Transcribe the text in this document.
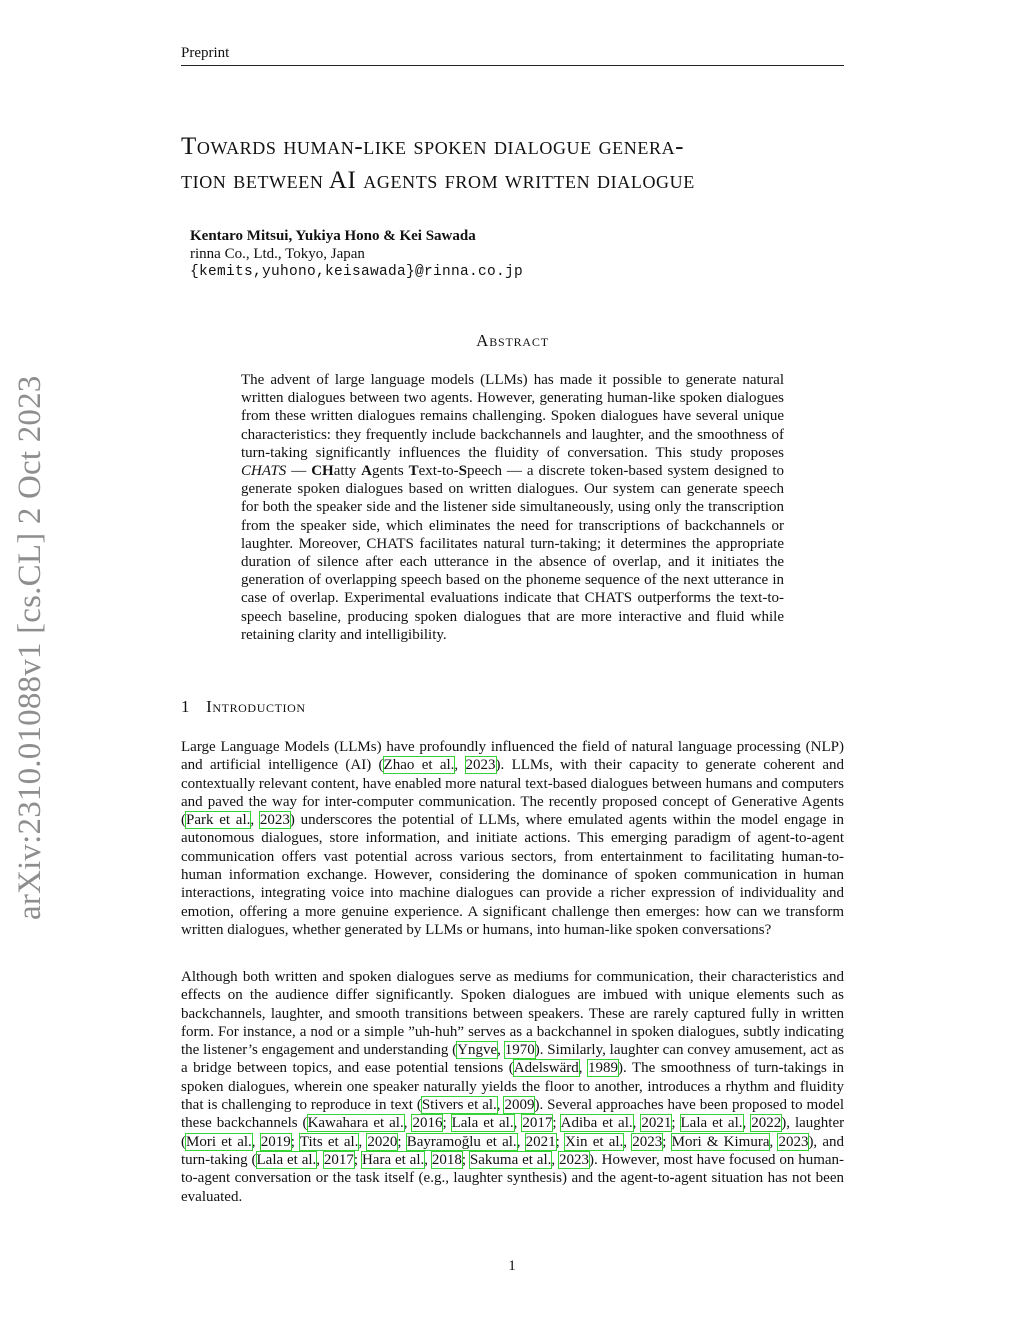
Preprint
arXiv:2310.01088v1 [cs.CL] 2 Oct 2023
Towards human-like spoken dialogue genera-
tion between AI agents from written dialogue
Kentaro Mitsui, Yukiya Hono & Kei Sawada
rinna Co., Ltd., Tokyo, Japan
{kemits,yuhono,keisawada}@rinna.co.jp
Abstract
The advent of large language models (LLMs) has made it possible to generate natural written dialogues between two agents. However, generating human-like spoken dialogues from these written dialogues remains challenging. Spoken dialogues have several unique characteristics: they frequently include backchannels and laughter, and the smoothness of turn-taking significantly influences the fluidity of conversation. This study proposes CHATS — CHatty Agents Text-to-Speech — a discrete token-based system designed to generate spoken dialogues based on written dialogues. Our system can generate speech for both the speaker side and the listener side simultaneously, using only the transcription from the speaker side, which eliminates the need for transcriptions of backchannels or laughter. Moreover, CHATS facilitates natural turn-taking; it determines the appropriate duration of silence after each utterance in the absence of overlap, and it initiates the generation of overlapping speech based on the phoneme sequence of the next utterance in case of overlap. Experimental evaluations indicate that CHATS outperforms the text-to-speech baseline, producing spoken dialogues that are more interactive and fluid while retaining clarity and intelligibility.
1 Introduction

Large Language Models (LLMs) have profoundly influenced the field of natural language processing (NLP) and artificial intelligence (AI) (Zhao et al., 2023). LLMs, with their capacity to generate coherent and contextually relevant content, have enabled more natural text-based dialogues between humans and computers and paved the way for inter-computer communication. The recently proposed concept of Generative Agents (Park et al., 2023) underscores the potential of LLMs, where emulated agents within the model engage in autonomous dialogues, store information, and initiate actions. This emerging paradigm of agent-to-agent communication offers vast potential across various sectors, from entertainment to facilitating human-to-human information exchange. However, considering the dominance of spoken communication in human interactions, integrating voice into machine dialogues can provide a richer expression of individuality and emotion, offering a more genuine experience. A significant challenge then emerges: how can we transform written dialogues, whether generated by LLMs or humans, into human-like spoken conversations?

Although both written and spoken dialogues serve as mediums for communication, their characteristics and effects on the audience differ significantly. Spoken dialogues are imbued with unique elements such as backchannels, laughter, and smooth transitions between speakers. These are rarely captured fully in written form. For instance, a nod or a simple ”uh-huh” serves as a backchannel in spoken dialogues, subtly indicating the listener’s engagement and understanding (Yngve, 1970). Similarly, laughter can convey amusement, act as a bridge between topics, and ease potential tensions (Adelswärd, 1989). The smoothness of turn-takings in spoken dialogues, wherein one speaker naturally yields the floor to another, introduces a rhythm and fluidity that is challenging to reproduce in text (Stivers et al., 2009). Several approaches have been proposed to model these backchannels (Kawahara et al., 2016; Lala et al., 2017; Adiba et al., 2021; Lala et al., 2022), laughter (Mori et al., 2019; Tits et al., 2020; Bayramoğlu et al., 2021; Xin et al., 2023; Mori & Kimura, 2023), and turn-taking (Lala et al., 2017; Hara et al., 2018; Sakuma et al., 2023). However, most have focused on human-to-agent conversation or the task itself (e.g., laughter synthesis) and the agent-to-agent situation has not been evaluated.

1
